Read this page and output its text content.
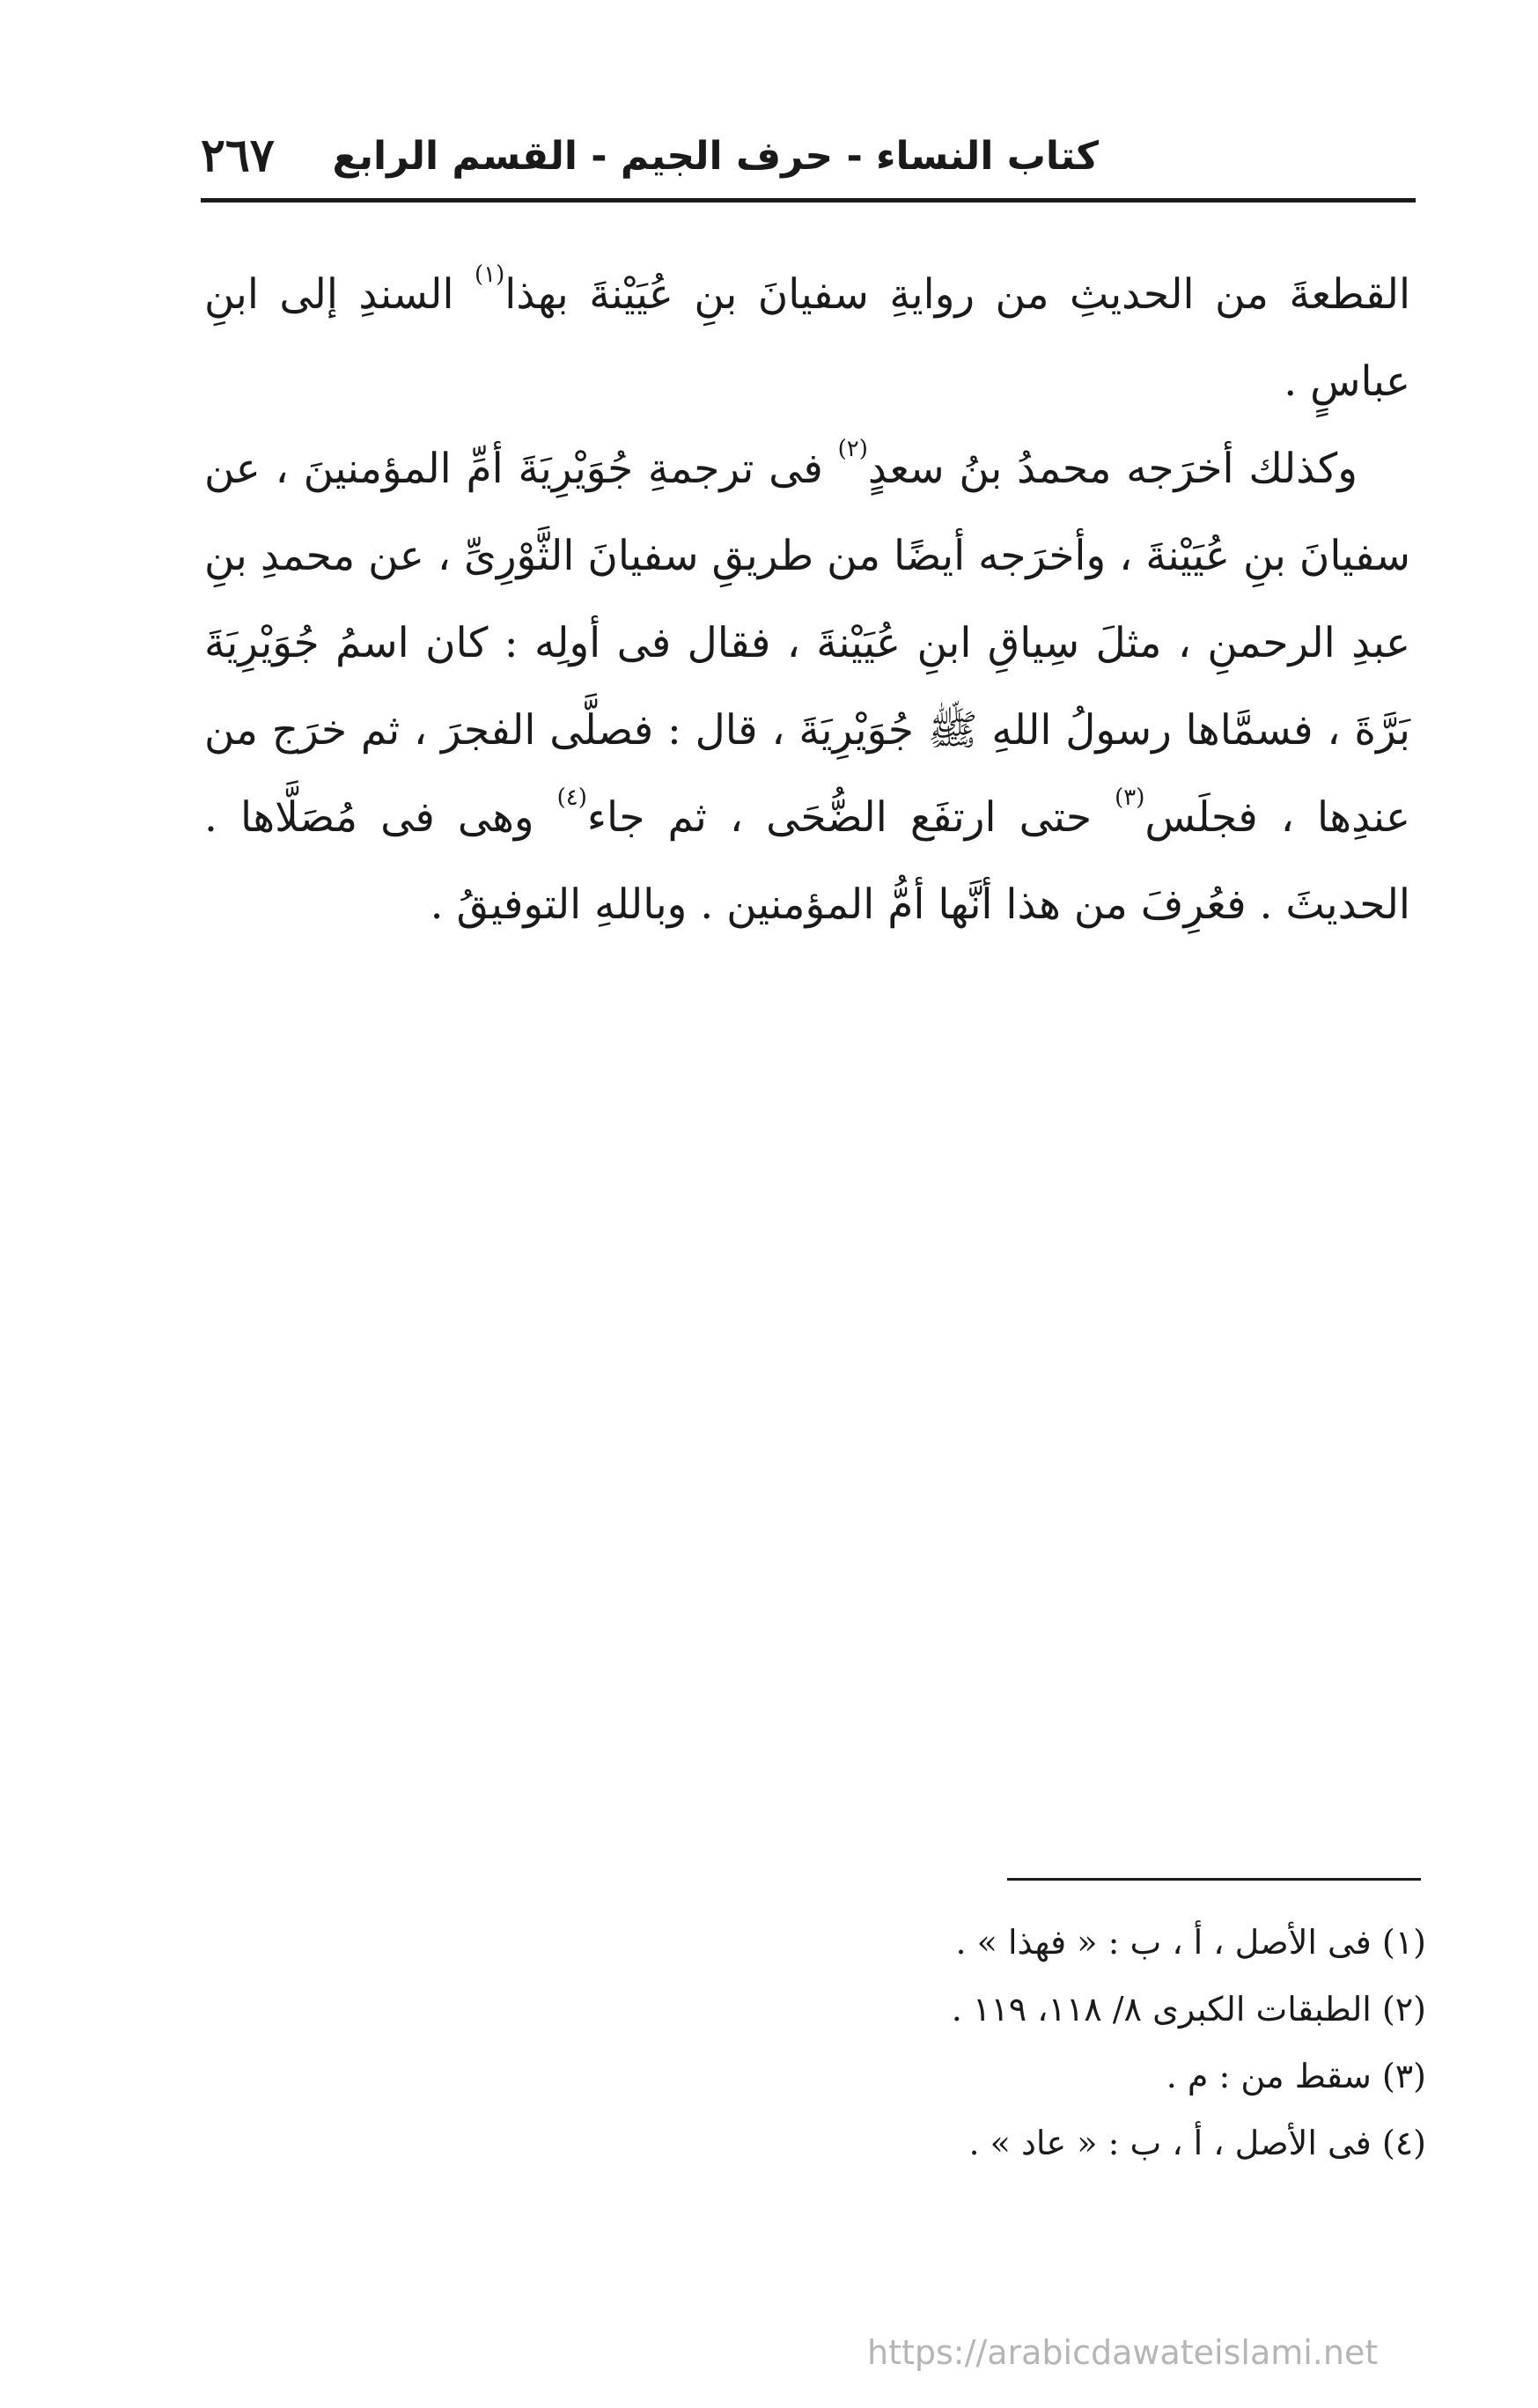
كتاب النساء - حرف الجيم - القسم الرابع
٢٦٧

القطعةَ من الحديثِ من روايةِ سفيانَ بنِ عُيَيْنةَ بهذا$^{(١)}$ السندِ إلى ابنِ عباسٍ .

وكذلك أخرَجه محمدُ بنُ سعدٍ$^{(٢)}$ فى ترجمةِ جُوَيْرِيَةَ أمِّ المؤمنينَ ، عن سفيانَ بنِ عُيَيْنةَ ، وأخرَجه أيضًا من طريقِ سفيانَ الثَّوْرِىِّ ، عن محمدِ بنِ عبدِ الرحمنِ ، مثلَ سِياقِ ابنِ عُيَيْنةَ ، فقال فى أولِه : كان اسمُ جُوَيْرِيَةَ بَرَّةَ ، فسمَّاها رسولُ اللهِ ﷺ جُوَيْرِيَةَ ، قال : فصلَّى الفجرَ ، ثم خرَج من عندِها ، فجلَس$^{(٣)}$ حتى ارتفَع الضُّحَى ، ثم جاء$^{(٤)}$ وهى فى مُصَلَّاها . الحديثَ . فعُرِفَ من هذا أنَّها أمُّ المؤمنين . وباللهِ التوفيقُ .

(١) فى الأصل ، أ ، ب : « فهذا » .
(٢) الطبقات الكبرى ٨/ ١١٨، ١١٩ .
(٣) سقط من : م .
(٤) فى الأصل ، أ ، ب : « عاد » .
https://arabicdawateislami.net
